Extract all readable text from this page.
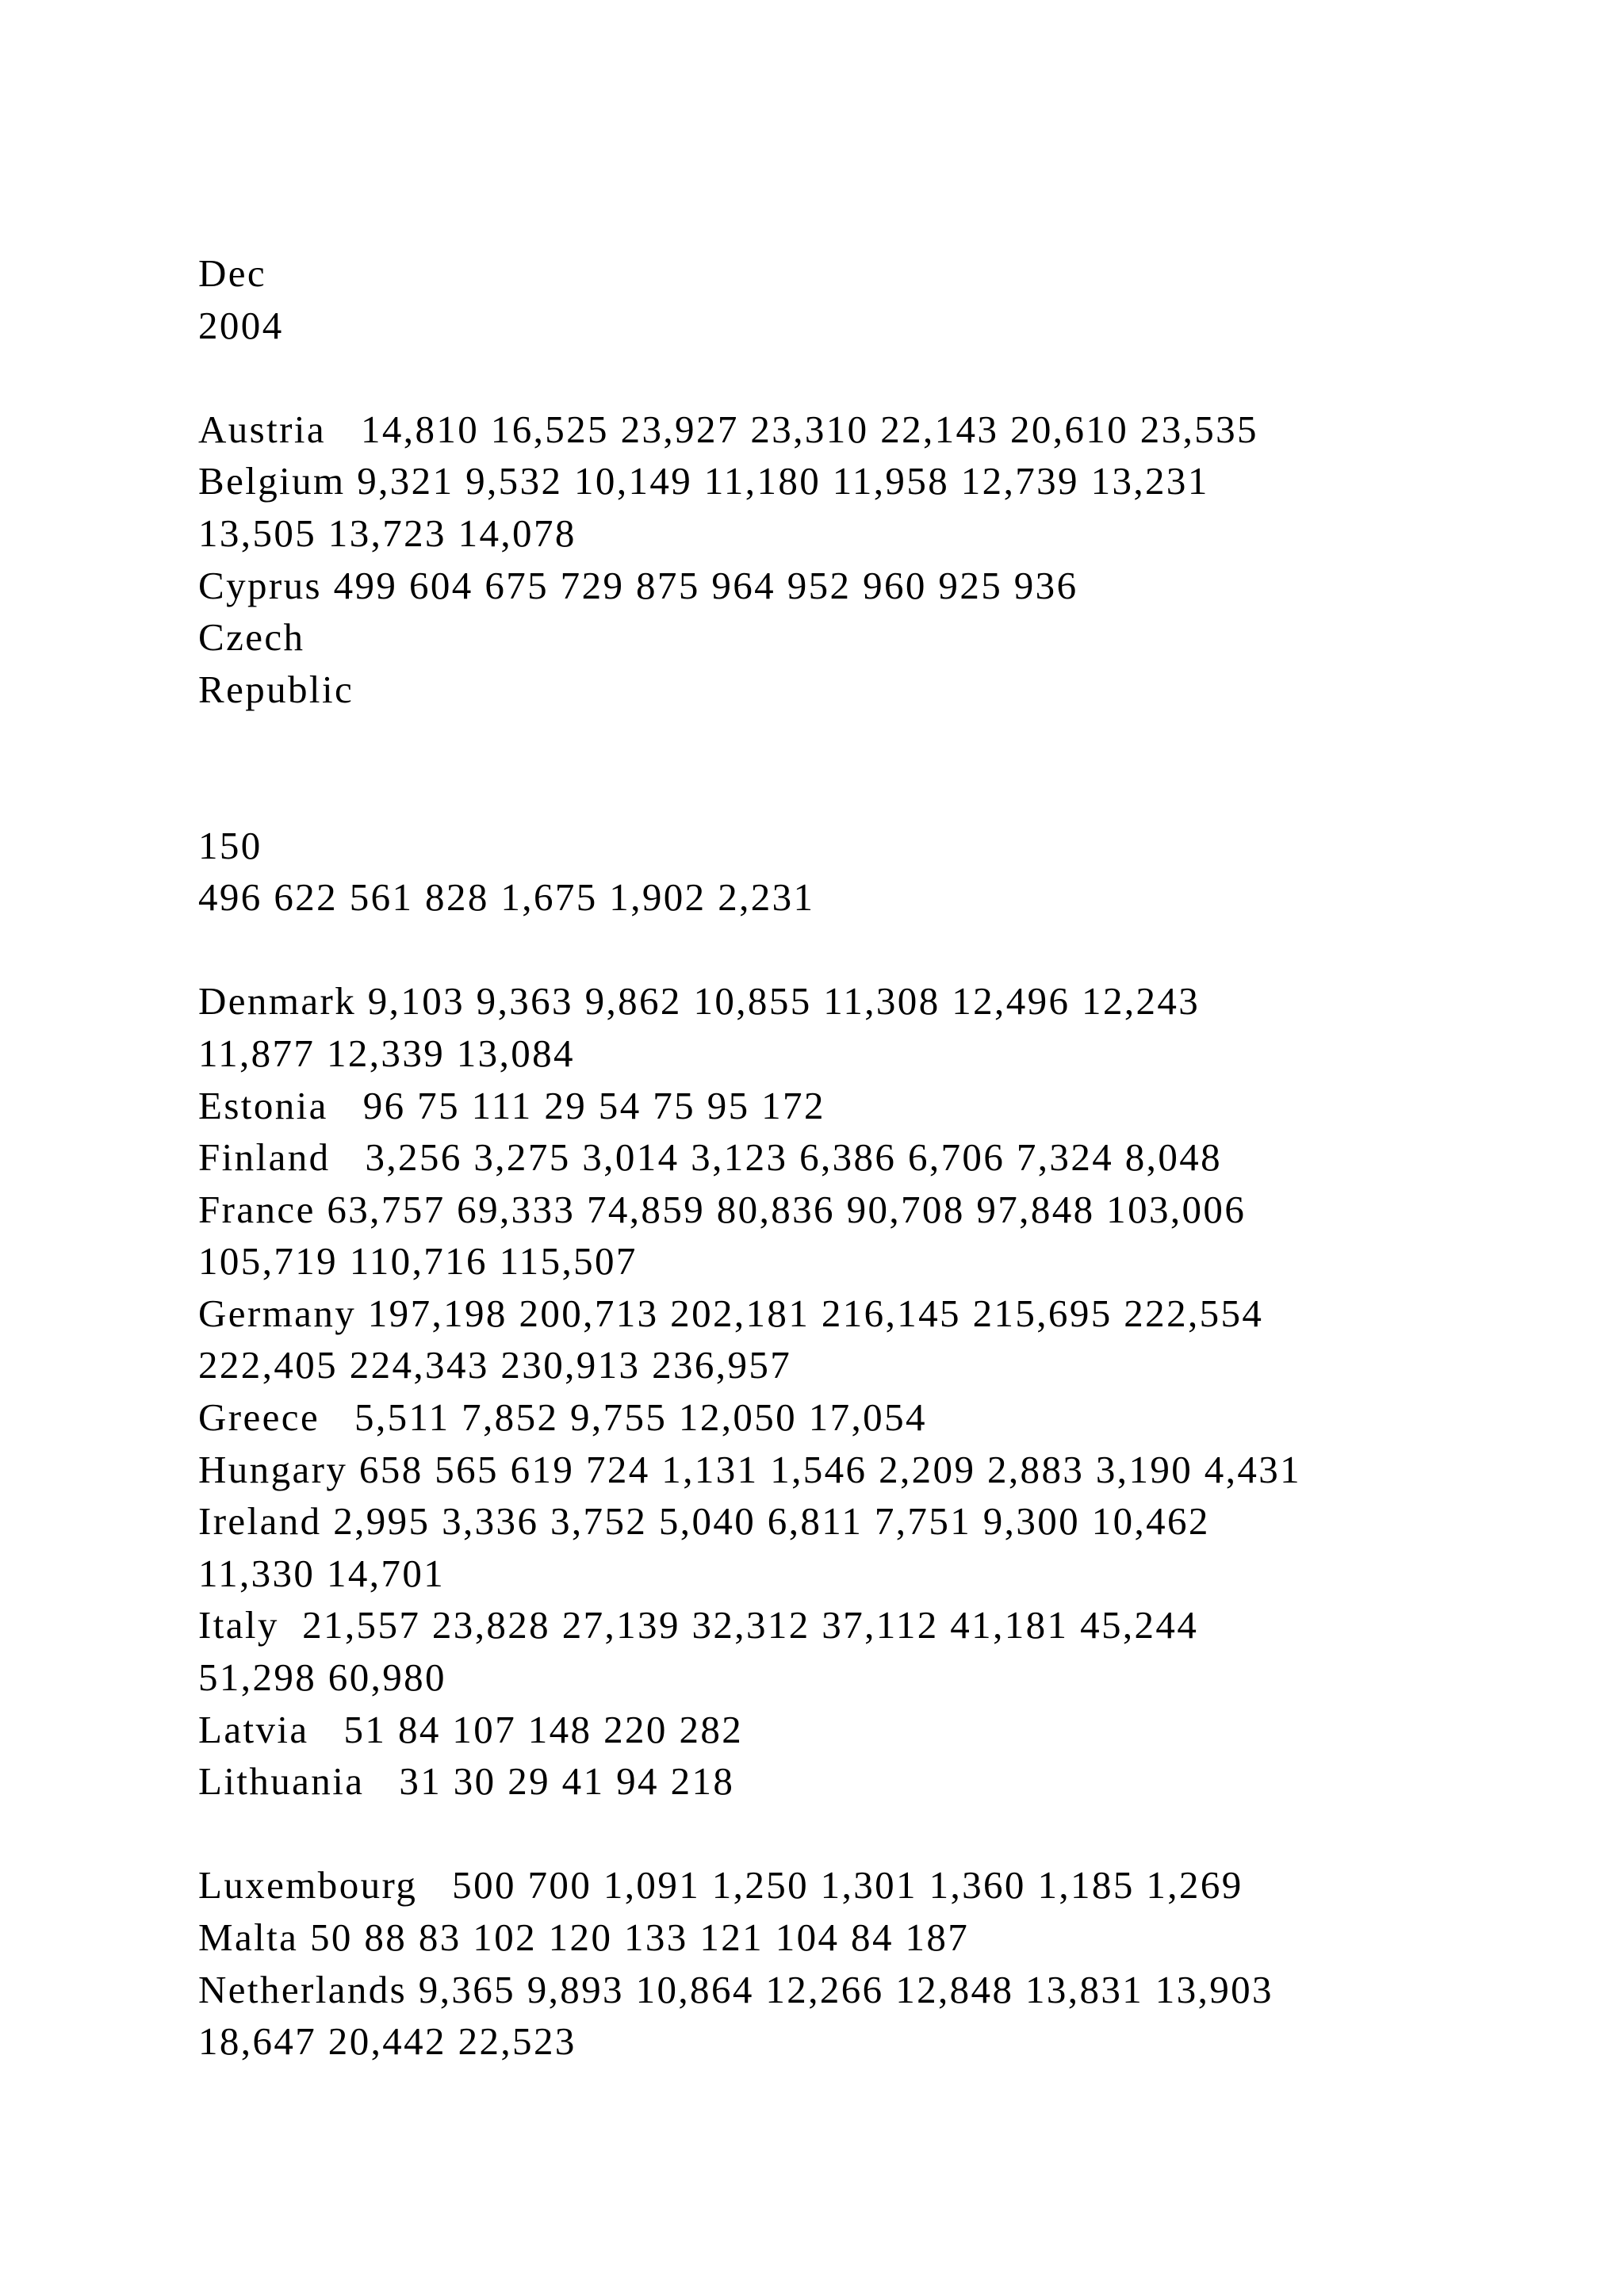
Dec
2004
Austria   14,810 16,525 23,927 23,310 22,143 20,610 23,535
Belgium 9,321 9,532 10,149 11,180 11,958 12,739 13,231
13,505 13,723 14,078
Cyprus 499 604 675 729 875 964 952 960 925 936
Czech
Republic
150
496 622 561 828 1,675 1,902 2,231
Denmark 9,103 9,363 9,862 10,855 11,308 12,496 12,243
11,877 12,339 13,084
Estonia   96 75 111 29 54 75 95 172
Finland   3,256 3,275 3,014 3,123 6,386 6,706 7,324 8,048
France 63,757 69,333 74,859 80,836 90,708 97,848 103,006
105,719 110,716 115,507
Germany 197,198 200,713 202,181 216,145 215,695 222,554
222,405 224,343 230,913 236,957
Greece   5,511 7,852 9,755 12,050 17,054
Hungary 658 565 619 724 1,131 1,546 2,209 2,883 3,190 4,431
Ireland 2,995 3,336 3,752 5,040 6,811 7,751 9,300 10,462
11,330 14,701
Italy  21,557 23,828 27,139 32,312 37,112 41,181 45,244
51,298 60,980
Latvia   51 84 107 148 220 282
Lithuania   31 30 29 41 94 218
Luxembourg   500 700 1,091 1,250 1,301 1,360 1,185 1,269
Malta 50 88 83 102 120 133 121 104 84 187
Netherlands 9,365 9,893 10,864 12,266 12,848 13,831 13,903
18,647 20,442 22,523
